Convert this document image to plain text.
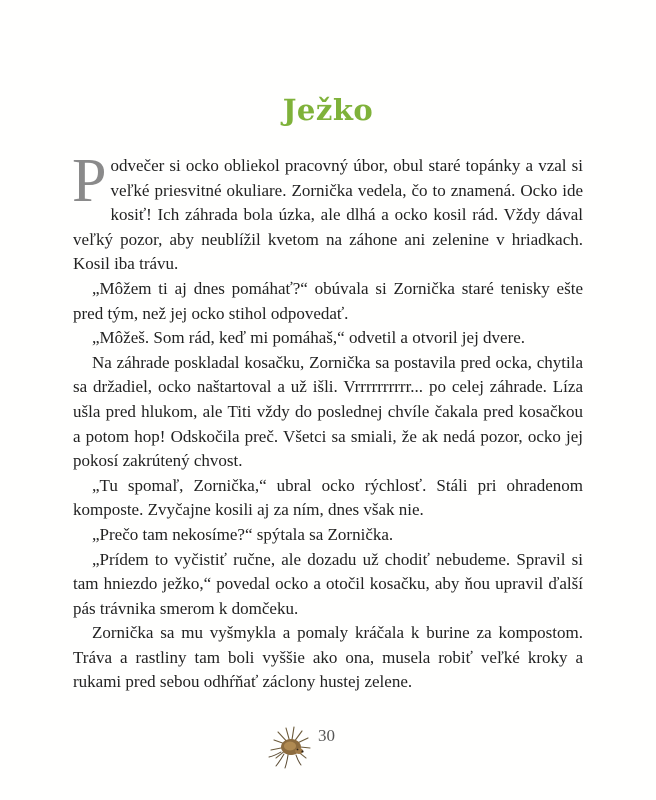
Ježko

Podvečer si ocko obliekol pracovný úbor, obul staré topánky a vzal si veľké priesvitné okuliare. Zornička vedela, čo to znamená. Ocko ide kosiť! Ich záhrada bola úzka, ale dlhá a ocko kosil rád. Vždy dával veľký pozor, aby neublížil kvetom na záhone ani zelenine v hriadkach. Kosil iba trávu.

„Môžem ti aj dnes pomáhať?“ obúvala si Zornička staré tenisky ešte pred tým, než jej ocko stihol odpovedať.

„Môžeš. Som rád, keď mi pomáhaš,“ odvetil a otvoril jej dvere.

Na záhrade poskladal kosačku, Zornička sa postavila pred ocka, chytila sa držadiel, ocko naštartoval a už išli. Vrrrrrrrrrr... po celej záhrade. Líza ušla pred hlukom, ale Titi vždy do poslednej chvíle čakala pred kosačkou a potom hop! Odskočila preč. Všetci sa smiali, že ak nedá pozor, ocko jej pokosí zakrútený chvost.

„Tu spomaľ, Zornička,“ ubral ocko rýchlosť. Stáli pri ohradenom komposte. Zvyčajne kosili aj za ním, dnes však nie.

„Prečo tam nekosíme?“ spýtala sa Zornička.

„Prídem to vyčistiť ručne, ale dozadu už chodiť nebudeme. Spravil si tam hniezdo ježko,“ povedal ocko a otočil kosačku, aby ňou upravil ďalší pás trávnika smerom k domčeku.

Zornička sa mu vyšmykla a pomaly kráčala k burine za kompostom. Tráva a rastliny tam boli vyššie ako ona, musela robiť veľké kroky a rukami pred sebou odhŕňať záclony hustej zelene.

30
